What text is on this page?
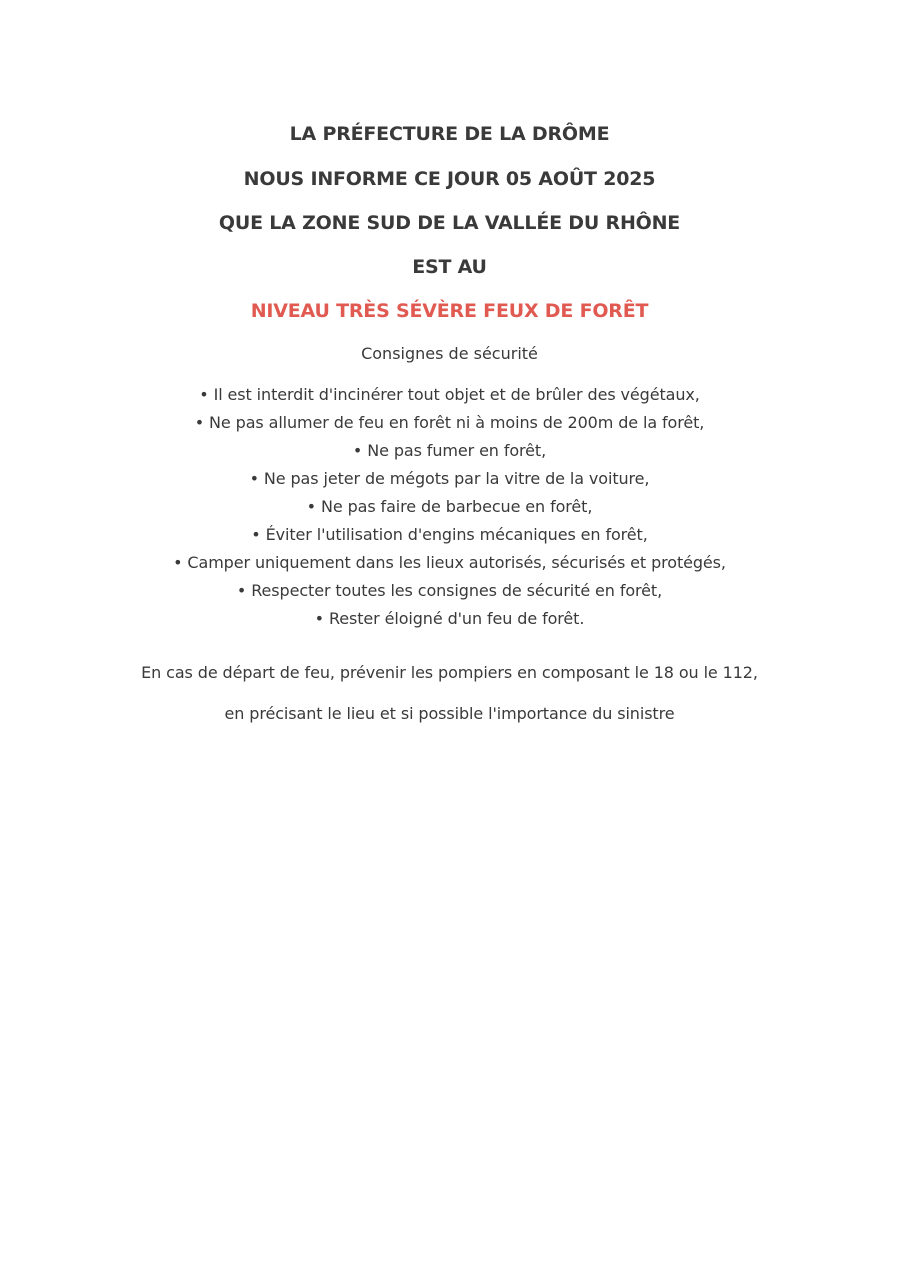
LA PRÉFECTURE DE LA DRÔME

NOUS INFORME CE JOUR 05 AOÛT 2025

QUE LA ZONE SUD DE LA VALLÉE DU RHÔNE

EST AU

NIVEAU TRÈS SÉVÈRE FEUX DE FORÊT

Consignes de sécurité

• Il est interdit d'incinérer tout objet et de brûler des végétaux,
• Ne pas allumer de feu en forêt ni à moins de 200m de la forêt,
• Ne pas fumer en forêt,
• Ne pas jeter de mégots par la vitre de la voiture,
• Ne pas faire de barbecue en forêt,
• Éviter l'utilisation d'engins mécaniques en forêt,
• Camper uniquement dans les lieux autorisés, sécurisés et protégés,
• Respecter toutes les consignes de sécurité en forêt,
• Rester éloigné d'un feu de forêt.

En cas de départ de feu, prévenir les pompiers en composant le 18 ou le 112,

en précisant le lieu et si possible l'importance du sinistre
